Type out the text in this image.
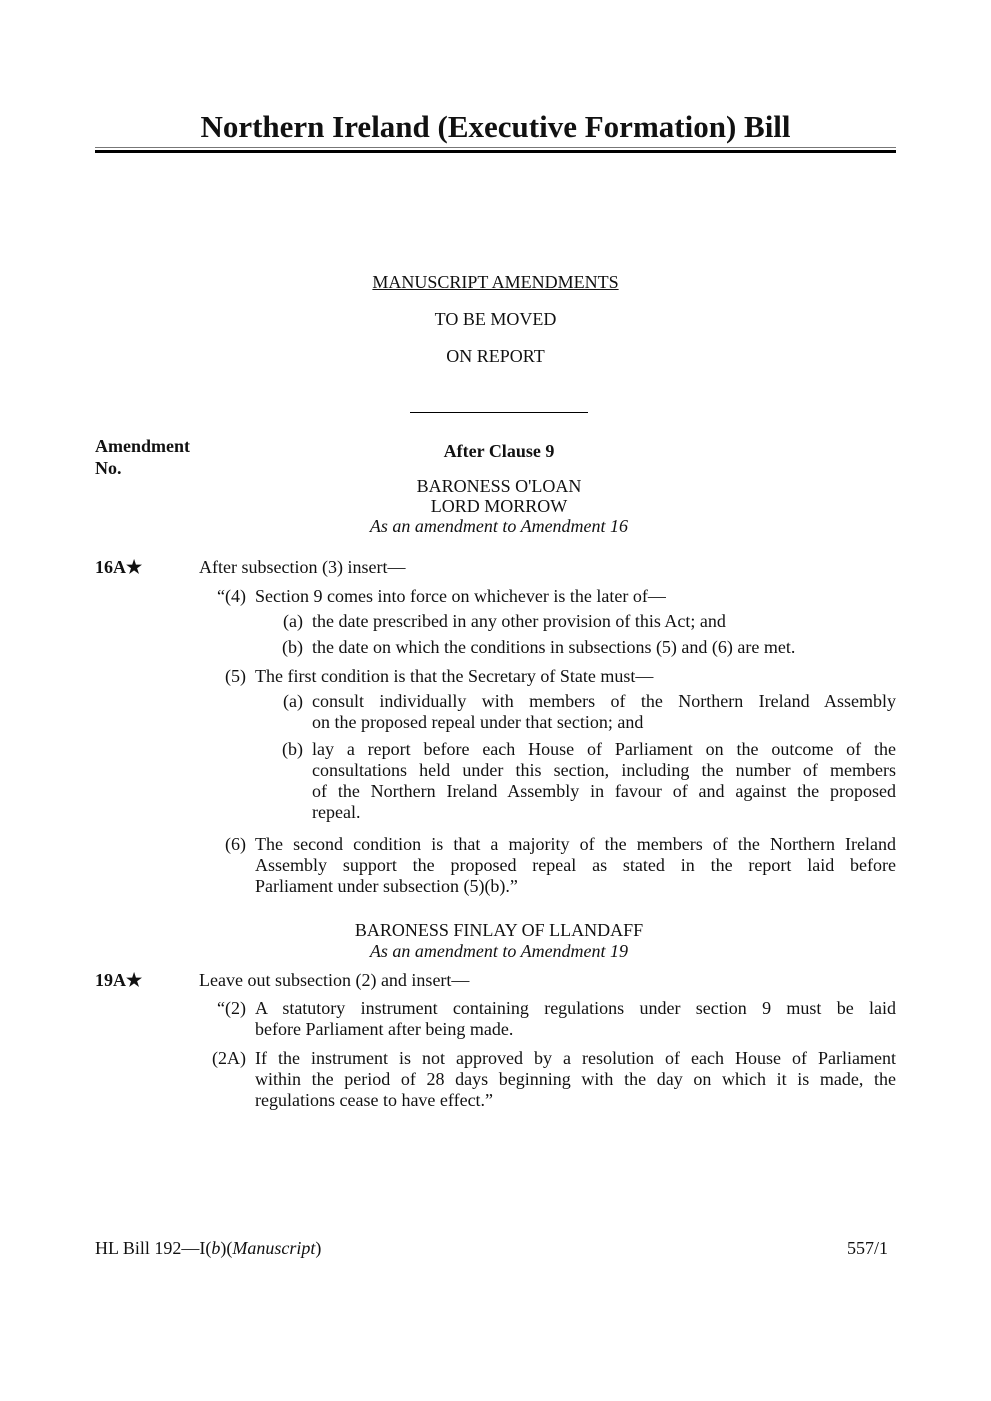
Northern Ireland (Executive Formation) Bill
MANUSCRIPT AMENDMENTS
TO BE MOVED
ON REPORT
Amendment
No.
After Clause 9
BARONESS O'LOAN
LORD MORROW
As an amendment to Amendment 16
16A★	After subsection (3) insert—
“(4) Section 9 comes into force on whichever is the later of—
(a) the date prescribed in any other provision of this Act; and
(b) the date on which the conditions in subsections (5) and (6) are met.
(5) The first condition is that the Secretary of State must—
(a) consult individually with members of the Northern Ireland Assembly
on the proposed repeal under that section; and
(b) lay a report before each House of Parliament on the outcome of the
consultations held under this section, including the number of members
of the Northern Ireland Assembly in favour of and against the proposed
repeal.
(6) The second condition is that a majority of the members of the Northern Ireland
Assembly support the proposed repeal as stated in the report laid before
Parliament under subsection (5)(b).”
BARONESS FINLAY OF LLANDAFF
As an amendment to Amendment 19
19A★	Leave out subsection (2) and insert—
“(2) A statutory instrument containing regulations under section 9 must be laid
before Parliament after being made.
(2A) If the instrument is not approved by a resolution of each House of Parliament
within the period of 28 days beginning with the day on which it is made, the
regulations cease to have effect.”
HL Bill 192—I(b)(Manuscript)	557/1
